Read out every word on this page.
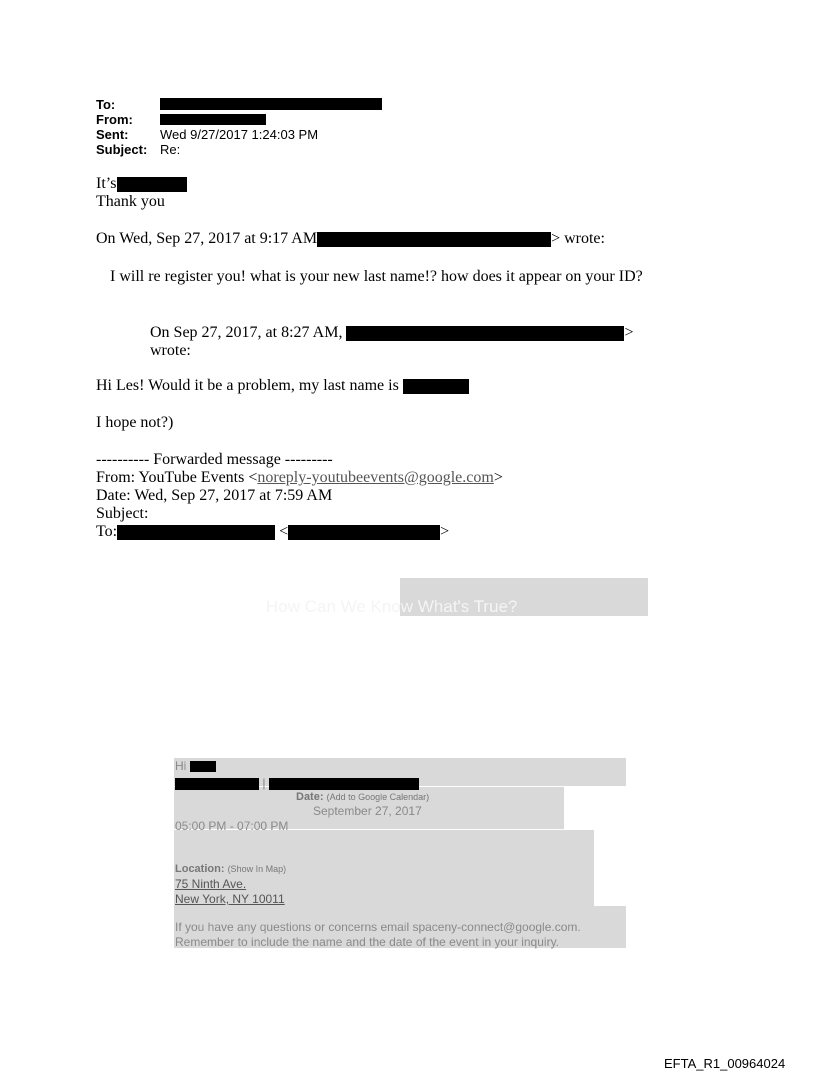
To:
From:
Sent: Wed 9/27/2017 1:24:03 PM
Subject: Re:
It’s
Thank you
On Wed, Sep 27, 2017 at 9:17 AM	> wrote:
I will re register you! what is your new last name!? how does it appear on your ID?
On Sep 27, 2017, at 8:27 AM,	>
wrote:
Hi Les! Would it be a problem, my last name is
I hope not?)
---------- Forwarded message ---------
From: YouTube Events <noreply-youtubeevents@google.com>
Date: Wed, Sep 27, 2017 at 7:59 AM
Subject:
To:	<	>
How Can We Know What's True?
Hi
|
Date: (Add to Google Calendar)
September 27, 2017
05:00 PM - 07:00 PM
Location: (Show In Map)
75 Ninth Ave.
New York, NY 10011
If you have any questions or concerns email spaceny-connect@google.com.
Remember to include the name and the date of the event in your inquiry.
EFTA_R1_00964024
